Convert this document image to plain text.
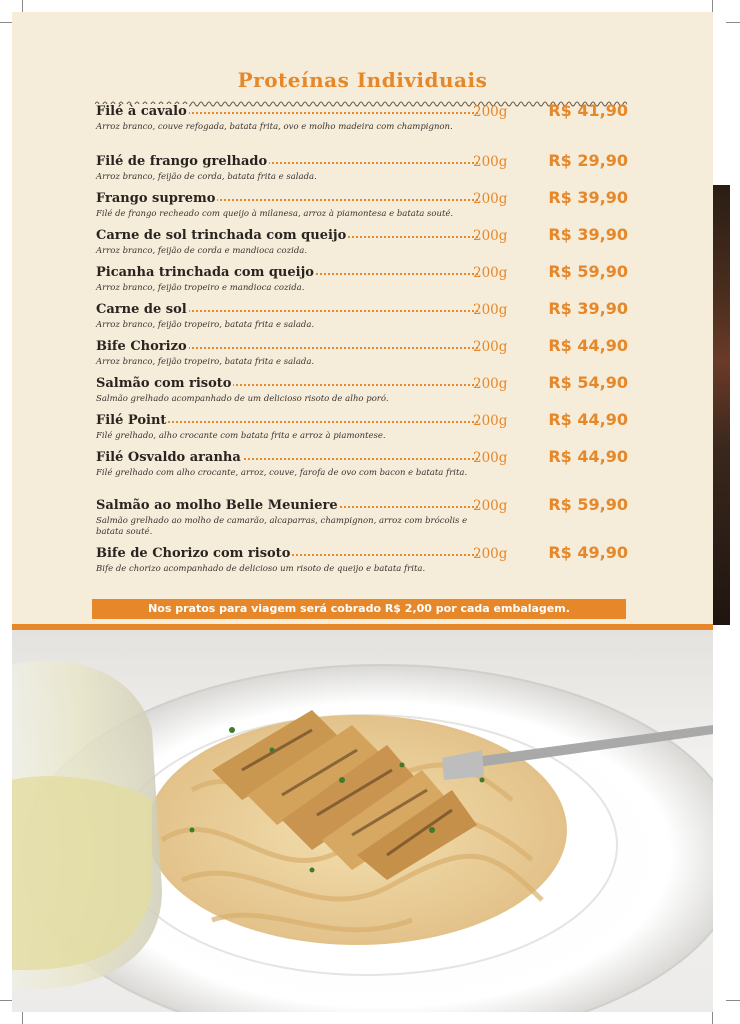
Proteínas Individuais
Filé à cavalo	200g	R$ 41,90
Arroz branco, couve refogada, batata frita, ovo e molho madeira com champignon.
Filé de frango grelhado	200g	R$ 29,90
Arroz branco, feijão de corda, batata frita e salada.
Frango supremo	200g	R$ 39,90
Filé de frango recheado com queijo à milanesa, arroz à piamontesa e batata souté.
Carne de sol trinchada com queijo	200g	R$ 39,90
Arroz branco, feijão de corda e mandioca cozida.
Picanha trinchada com queijo	200g	R$ 59,90
Arroz branco, feijão tropeiro e mandioca cozida.
Carne de sol	200g	R$ 39,90
Arroz branco, feijão tropeiro, batata frita e salada.
Bife Chorizo	200g	R$ 44,90
Arroz branco, feijão tropeiro, batata frita e salada.
Salmão com risoto	200g	R$ 54,90
Salmão grelhado acompanhado de um delicioso risoto de alho poró.
Filé Point	200g	R$ 44,90
Filé grelhado, alho crocante com batata frita e arroz à piamontese.
Filé Osvaldo aranha	200g	R$ 44,90
Filé grelhado com alho crocante, arroz, couve, farofa de ovo com bacon e batata frita.
Salmão ao molho Belle Meuniere	200g	R$ 59,90
Salmão grelhado ao molho de camarão, alcaparras, champignon, arroz com brócolis e batata souté.
Bife de Chorizo com risoto	200g	R$ 49,90
Bife de chorizo acompanhado de delicioso um risoto de queijo e batata frita.
Nos pratos para viagem será cobrado R$ 2,00 por cada embalagem.
